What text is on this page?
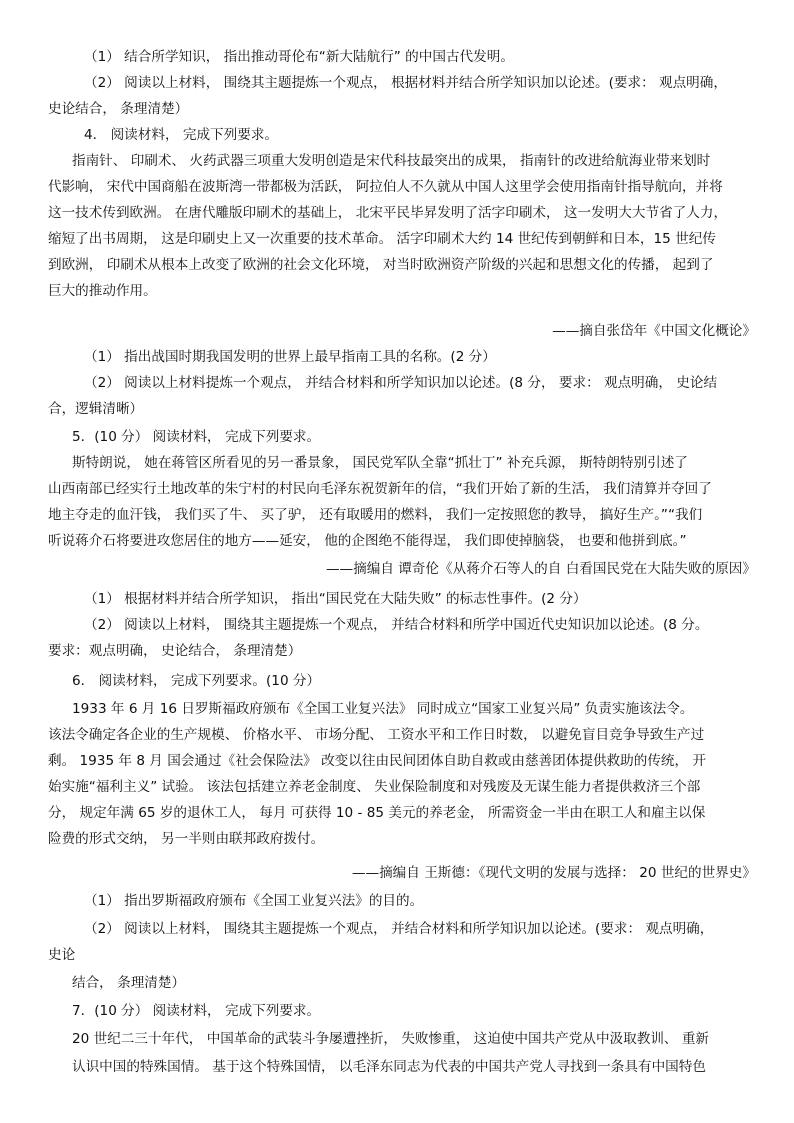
（1） 结合所学知识， 指出推动哥伦布“新大陆航行” 的中国古代发明。
（2） 阅读以上材料， 围绕其主题提炼一个观点， 根据材料并结合所学知识加以论述。(要求： 观点明确，
史论结合， 条理清楚）
4． 阅读材料， 完成下列要求。
指南针、 印刷术、 火药武器三项重大发明创造是宋代科技最突出的成果， 指南针的改进给航海业带来划时
代影响， 宋代中国商船在波斯湾一带都极为活跃， 阿拉伯人不久就从中国人这里学会使用指南针指导航向，并将
这一技术传到欧洲。 在唐代雕版印刷术的基础上， 北宋平民毕昇发明了活字印刷术， 这一发明大大节省了人力，
缩短了出书周期， 这是印刷史上又一次重要的技术革命。 活字印刷术大约 14 世纪传到朝鲜和日本，15 世纪传
到欧洲， 印刷术从根本上改变了欧洲的社会文化环境， 对当时欧洲资产阶级的兴起和思想文化的传播， 起到了
巨大的推动作用。
——摘自张岱年《中国文化概论》
（1） 指出战国时期我国发明的世界上最早指南工具的名称。(2 分）
（2） 阅读以上材料提炼一个观点， 并结合材料和所学知识加以论述。(8 分， 要求： 观点明确， 史论结
合，逻辑清晰）
5．(10 分） 阅读材料， 完成下列要求。
斯特朗说， 她在蒋管区所看见的另一番景象， 国民党军队全靠“抓壮丁” 补充兵源， 斯特朗特别引述了
山西南部已经实行土地改革的朱宁村的村民向毛泽东祝贺新年的信，“我们开始了新的生活， 我们清算并夺回了
地主夺走的血汗钱， 我们买了牛、 买了驴， 还有取暖用的燃料， 我们一定按照您的教导， 搞好生产。”“我们
听说蒋介石将要进攻您居住的地方——延安， 他的企图绝不能得逞， 我们即使掉脑袋， 也要和他拼到底。”
——摘编自 谭奇伦《从蒋介石等人的自 白看国民党在大陆失败的原因》
（1） 根据材料并结合所学知识， 指出“国民党在大陆失败” 的标志性事件。(2 分）
（2） 阅读以上材料， 围绕其主题提炼一个观点， 并结合材料和所学中国近代史知识加以论述。(8 分。
要求：观点明确， 史论结合， 条理清楚）
6． 阅读材料， 完成下列要求。(10 分）
1933 年 6 月 16 日罗斯福政府颁布《全国工业复兴法》 同时成立“国家工业复兴局” 负责实施该法令。
该法令确定各企业的生产规模、 价格水平、 市场分配、 工资水平和工作日时数， 以避免盲目竞争导致生产过
剩。 1935 年 8 月 国会通过《社会保险法》 改变以往由民间团体自助自救或由慈善团体提供救助的传统， 开
始实施“福利主义” 试验。 该法包括建立养老金制度、 失业保险制度和对残废及无谋生能力者提供救济三个部
分， 规定年满 65 岁的退休工人， 每月 可获得 10 - 85 美元的养老金， 所需资金一半由在职工人和雇主以保
险费的形式交纳， 另一半则由联邦政府拨付。
——摘编自 王斯德：《现代文明的发展与选择： 20 世纪的世界史》
（1） 指出罗斯福政府颁布《全国工业复兴法》的目的。
（2） 阅读以上材料， 围绕其主题提炼一个观点， 并结合材料和所学知识加以论述。(要求： 观点明确，
史论
结合， 条理清楚）
7．(10 分） 阅读材料， 完成下列要求。
20 世纪二三十年代， 中国革命的武装斗争屡遭挫折， 失败惨重， 这迫使中国共产党从中汲取教训、 重新
认识中国的特殊国情。 基于这个特殊国情， 以毛泽东同志为代表的中国共产党人寻找到一条具有中国特色
